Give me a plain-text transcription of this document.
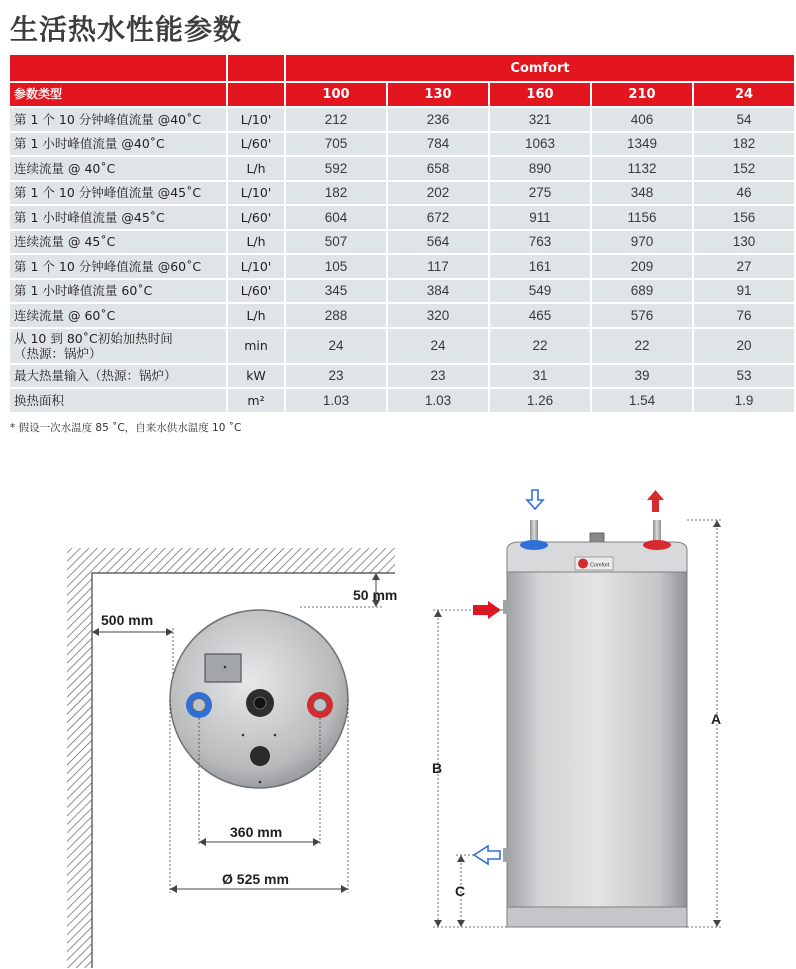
生活热水性能参数
		Comfort				
参数类型		100	130	160	210	24

第 1 个 10 分钟峰值流量 @40˚C	L/10'	212	236	321	406	54

第 1 小时峰值流量 @40˚C	L/60'	705	784	1063	1349	182

连续流量 @ 40˚C	L/h	592	658	890	1132	152

第 1 个 10 分钟峰值流量 @45˚C	L/10'	182	202	275	348	46

第 1 小时峰值流量 @45˚C	L/60'	604	672	911	1156	156

连续流量 @ 45˚C	L/h	507	564	763	970	130

第 1 个 10 分钟峰值流量 @60˚C	L/10'	105	117	161	209	27

第 1 小时峰值流量 60˚C	L/60'	345	384	549	689	91

连续流量 @ 60˚C	L/h	288	320	465	576	76

从 10 到 80˚C初始加热时间
（热源：锅炉）	min	24	24	22	22	20

最大热量输入（热源：锅炉）	kW	23	23	31	39	53

换热面积	m²	1.03	1.03	1.26	1.54	1.9
* 假设一次水温度 85 ˚C，自来水供水温度 10 ˚C
50 mm
500 mm
360 mm
Ø 525 mm
Comfort
A
B
C
